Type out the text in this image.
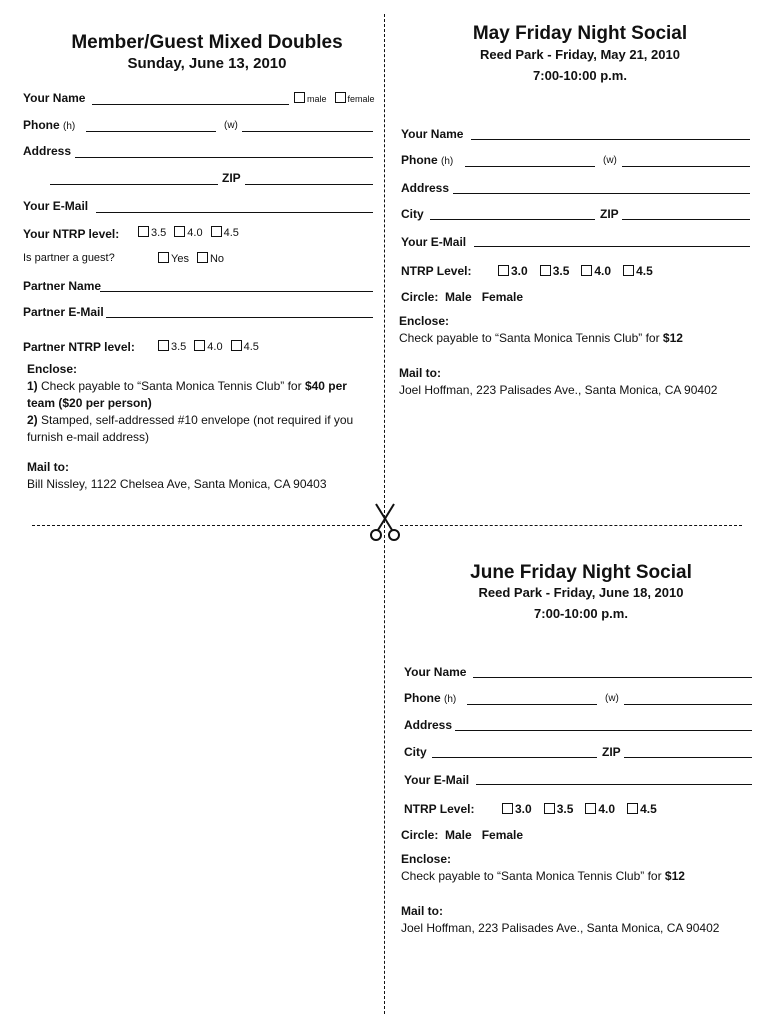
Member/Guest Mixed Doubles
Sunday, June 13, 2010
Your Name	male female
Phone (h)	(w)
Address
ZIP
Your E-Mail
Your NTRP level:	3.5 4.0 4.5
Is partner a guest?	Yes No
Partner Name
Partner E-Mail
Partner NTRP level:	3.5 4.0 4.5
Enclose:
1) Check payable to “Santa Monica Tennis Club” for $40 per team ($20 per person)
2) Stamped, self-addressed #10 envelope (not required if you furnish e-mail address)
Mail to:
Bill Nissley, 1122 Chelsea Ave, Santa Monica, CA 90403
May Friday Night Social
Reed Park - Friday, May 21, 2010
7:00-10:00 p.m.
Your Name
Phone (h)	(w)
Address
City	ZIP
Your E-Mail
NTRP Level:	3.0 3.5 4.0 4.5
Circle:  Male   Female
Enclose:
Check payable to “Santa Monica Tennis Club” for $12
Mail to:
Joel Hoffman, 223 Palisades Ave., Santa Monica, CA 90402
June Friday Night Social
Reed Park - Friday, June 18, 2010
7:00-10:00 p.m.
Your Name
Phone (h)	(w)
Address
City	ZIP
Your E-Mail
NTRP Level:	3.0 3.5 4.0 4.5
Circle:  Male   Female
Enclose:
Check payable to “Santa Monica Tennis Club” for $12
Mail to:
Joel Hoffman, 223 Palisades Ave., Santa Monica, CA 90402
